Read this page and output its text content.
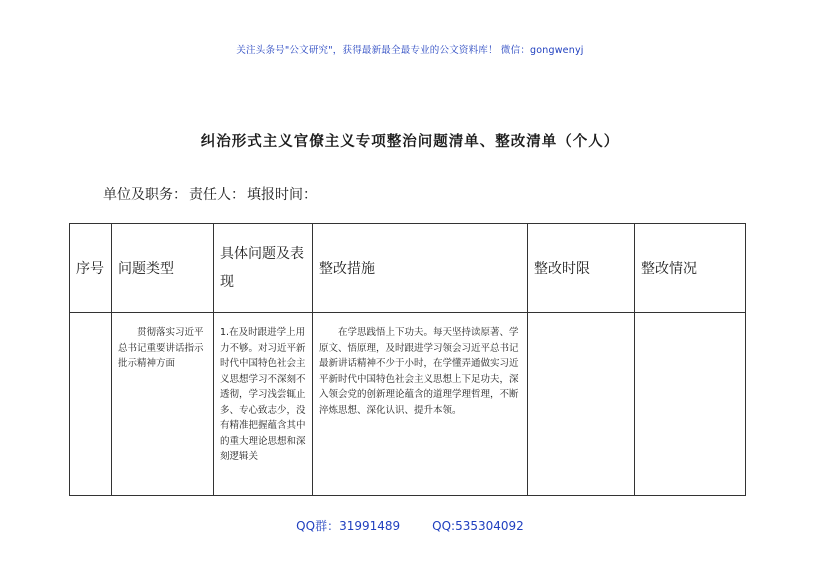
关注头条号"公文研究"，获得最新最全最专业的公文资料库！ 微信：gongwenyj
纠治形式主义官僚主义专项整治问题清单、整改清单（个人）
单位及职务： 责任人： 填报时间：
序号	问题类型	具体问题及表现	整改措施	整改时限	整改情况
	贯彻落实习近平总书记重要讲话指示批示精神方面	1.在及时跟进学上用力不够。对习近平新时代中国特色社会主义思想学习不深刻不透彻，学习浅尝辄止多、专心致志少，没有精准把握蕴含其中的重大理论思想和深刻逻辑关	在学思践悟上下功夫。每天坚持读原著、学原文、悟原理，及时跟进学习领会习近平总书记最新讲话精神不少于小时，在学懂弄通做实习近平新时代中国特色社会主义思想上下足功夫，深入领会党的创新理论蕴含的道理学理哲理，不断淬炼思想、深化认识、提升本领。		
QQ群：31991489	QQ:535304092
